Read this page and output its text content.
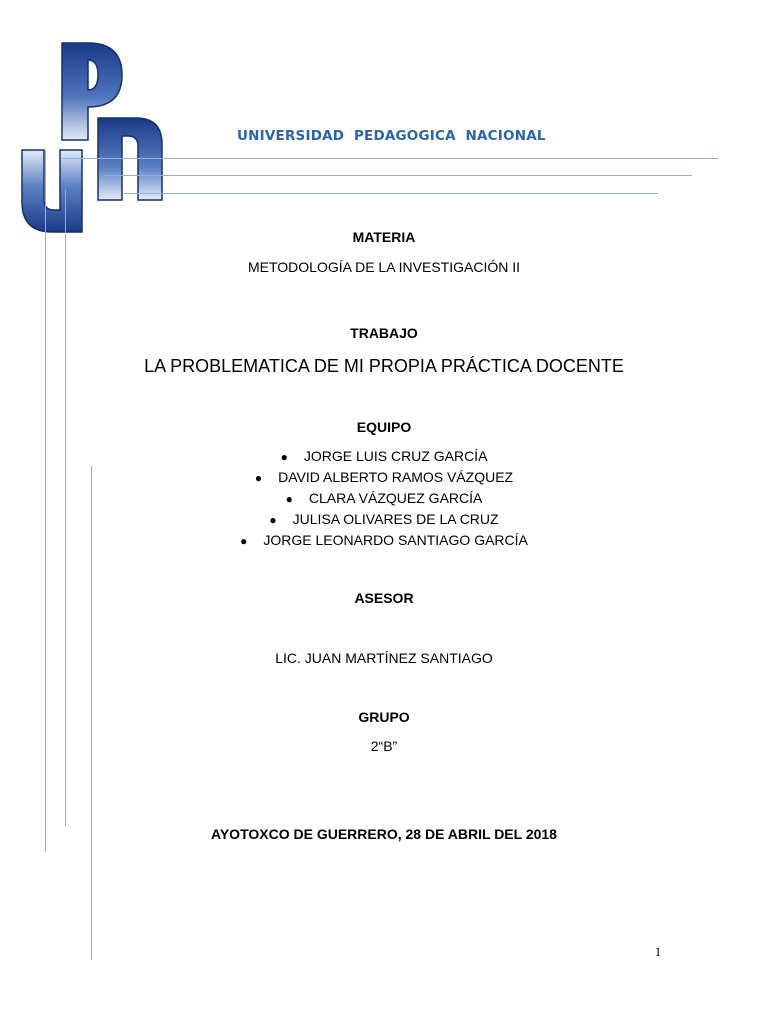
UNIVERSIDAD  PEDAGOGICA  NACIONAL
MATERIA
METODOLOGÍA DE LA INVESTIGACIÓN II
TRABAJO
LA PROBLEMATICA DE MI PROPIA PRÁCTICA DOCENTE
EQUIPO
● JORGE LUIS CRUZ GARCÍA
● DAVID ALBERTO RAMOS VÁZQUEZ
● CLARA VÁZQUEZ GARCÍA
● JULISA OLIVARES DE LA CRUZ
● JORGE LEONARDO SANTIAGO GARCÍA
ASESOR
LIC. JUAN MARTÍNEZ SANTIAGO
GRUPO
2“B”
AYOTOXCO DE GUERRERO, 28 DE ABRIL DEL 2018
1
